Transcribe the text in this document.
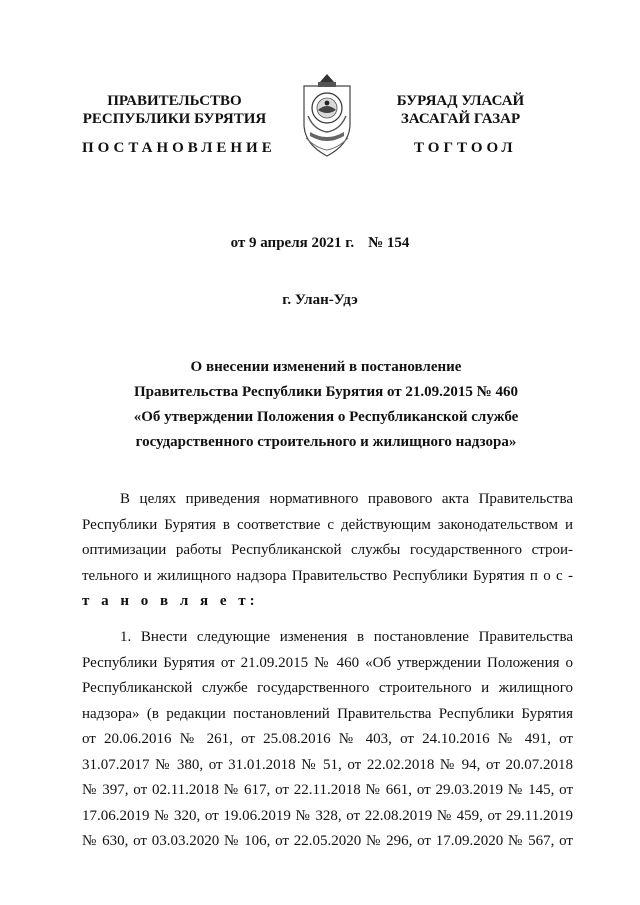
ПРАВИТЕЛЬСТВО
РЕСПУБЛИКИ БУРЯТИЯ
БУРЯАД УЛАСАЙ
ЗАСАГАЙ ГАЗАР
ПОСТАНОВЛЕНИЕ	ТОГТООЛ
от 9 апреля 2021 г. № 154
г. Улан-Удэ
О внесении изменений в постановление
Правительства Республики Бурятия от 21.09.2015 № 460
«Об утверждении Положения о Республиканской службе
государственного строительного и жилищного надзора»
В целях приведения нормативного правового акта Правительства
Республики Бурятия в соответствие с действующим законодательством и
оптимизации работы Республиканской службы государственного строи-
тельного и жилищного надзора Правительство Республики Бурятия п о с -
т а н о в л я е т:
1. Внести следующие изменения в постановление Правительства
Республики Бурятия от 21.09.2015 № 460 «Об утверждении Положения о
Республиканской службе государственного строительного и жилищного
надзора» (в редакции постановлений Правительства Республики Бурятия
от 20.06.2016 № 261, от 25.08.2016 № 403, от 24.10.2016 № 491, от
31.07.2017 № 380, от 31.01.2018 № 51, от 22.02.2018 № 94, от 20.07.2018
№ 397, от 02.11.2018 № 617, от 22.11.2018 № 661, от 29.03.2019 № 145, от
17.06.2019 № 320, от 19.06.2019 № 328, от 22.08.2019 № 459, от 29.11.2019
№ 630, от 03.03.2020 № 106, от 22.05.2020 № 296, от 17.09.2020 № 567, от
